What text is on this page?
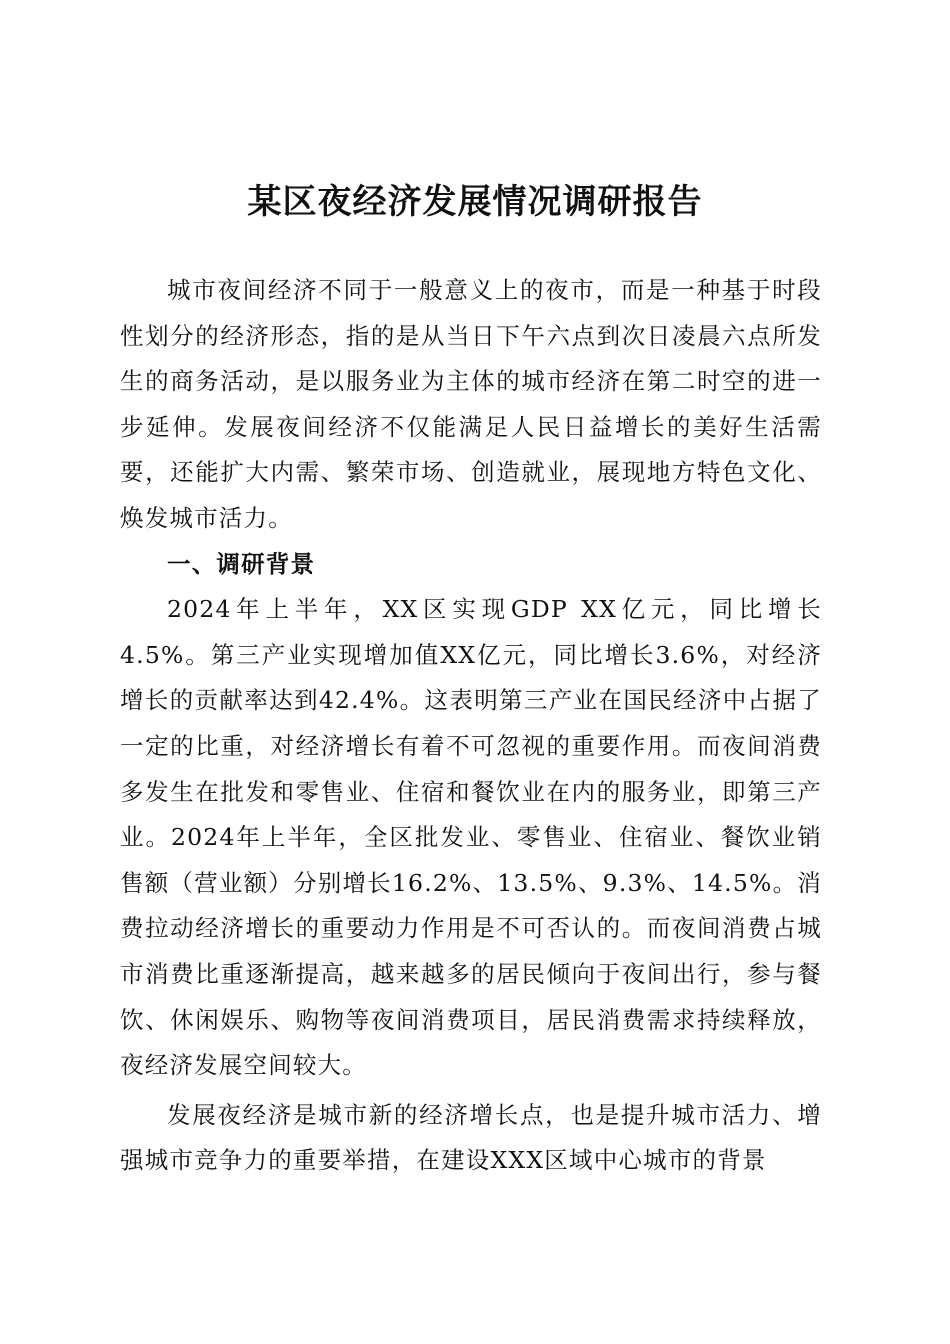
某区夜经济发展情况调研报告

城市夜间经济不同于一般意义上的夜市，而是一种基于时段性划分的经济形态，指的是从当日下午六点到次日凌晨六点所发生的商务活动，是以服务业为主体的城市经济在第二时空的进一步延伸。发展夜间经济不仅能满足人民日益增长的美好生活需要，还能扩大内需、繁荣市场、创造就业，展现地方特色文化、焕发城市活力。

一、调研背景

2024年上半年，XX区实现GDP XX亿元，同比增长4.5%。第三产业实现增加值XX亿元，同比增长3.6%，对经济增长的贡献率达到42.4%。这表明第三产业在国民经济中占据了一定的比重，对经济增长有着不可忽视的重要作用。而夜间消费多发生在批发和零售业、住宿和餐饮业在内的服务业，即第三产业。2024年上半年，全区批发业、零售业、住宿业、餐饮业销售额（营业额）分别增长16.2%、13.5%、9.3%、14.5%。消费拉动经济增长的重要动力作用是不可否认的。而夜间消费占城市消费比重逐渐提高，越来越多的居民倾向于夜间出行，参与餐饮、休闲娱乐、购物等夜间消费项目，居民消费需求持续释放，夜经济发展空间较大。

发展夜经济是城市新的经济增长点，也是提升城市活力、增强城市竞争力的重要举措，在建设XXX区域中心城市的背景
